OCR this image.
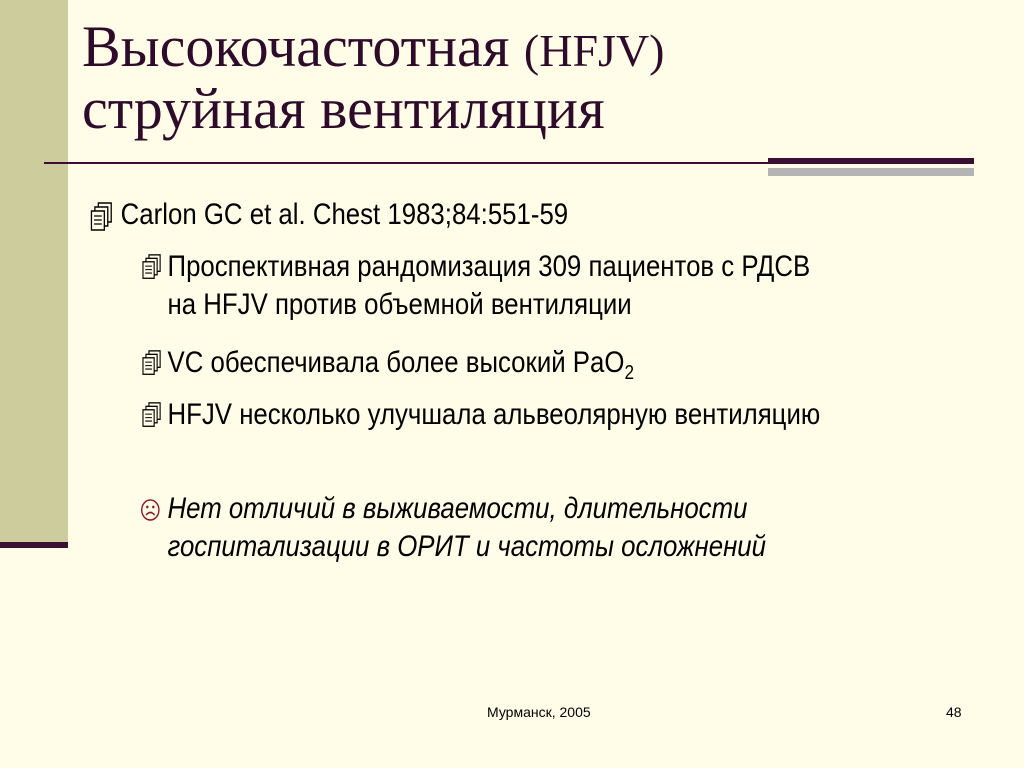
Высокочастотная (HFJV)
струйная вентиляция
Carlon GC et al. Chest 1983;84:551-59
Проспективная рандомизация 309 пациентов с РДСВ на HFJV против объемной вентиляции
VC обеспечивала более высокий PaO$_2$
HFJV несколько улучшала альвеолярную вентиляцию
Нет отличий в выживаемости, длительности госпитализации в ОРИТ и частоты осложнений
Мурманск, 2005	48
